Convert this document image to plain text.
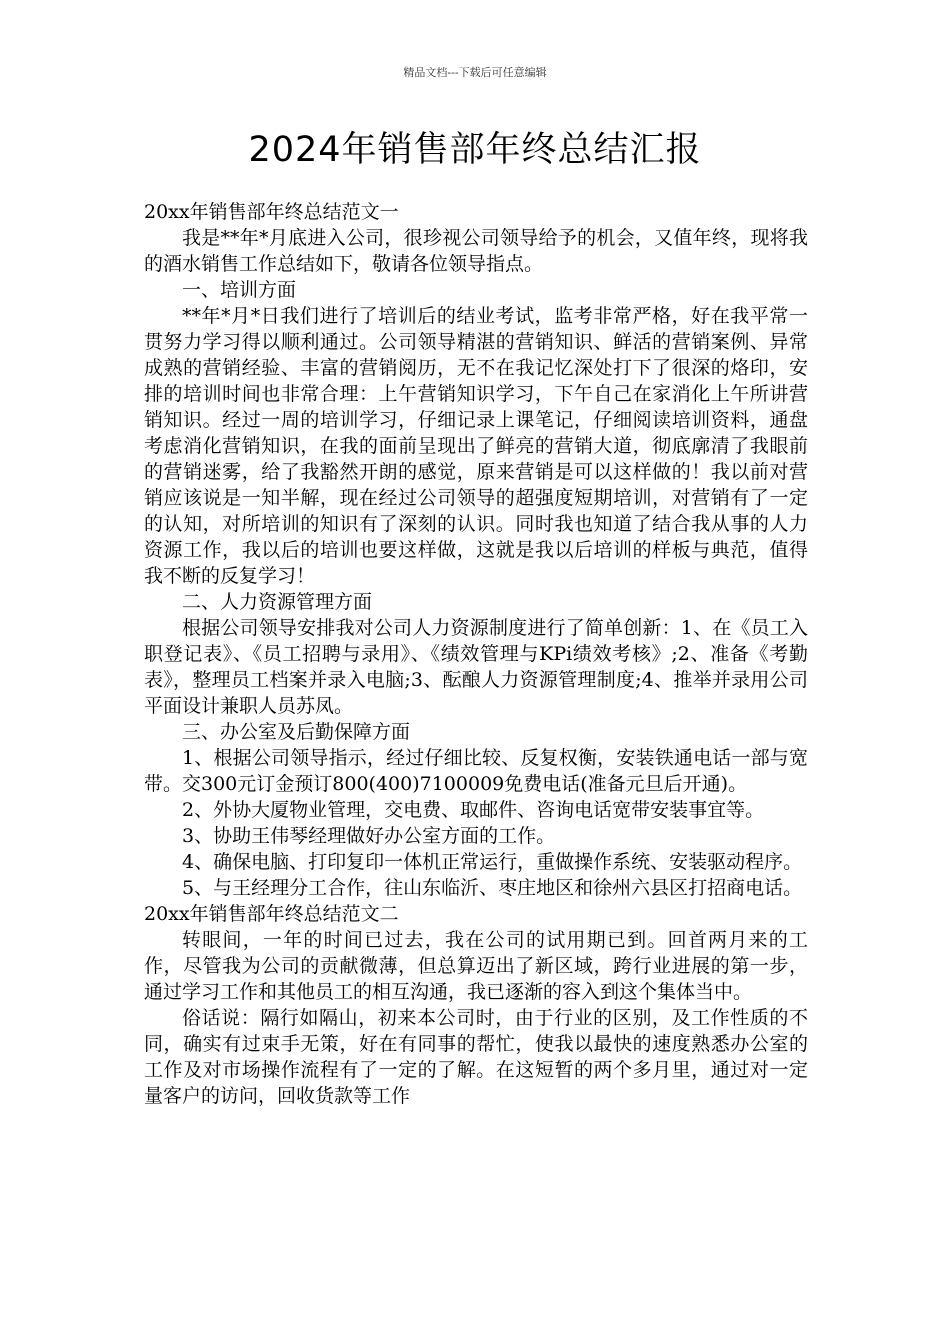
精品文档---下载后可任意编辑
2024年销售部年终总结汇报

20xx年销售部年终总结范文一

我是**年*月底进入公司，很珍视公司领导给予的机会，又值年终，现将我的酒水销售工作总结如下，敬请各位领导指点。

一、培训方面

**年*月*日我们进行了培训后的结业考试，监考非常严格，好在我平常一贯努力学习得以顺利通过。公司领导精湛的营销知识、鲜活的营销案例、异常成熟的营销经验、丰富的营销阅历，无不在我记忆深处打下了很深的烙印，安排的培训时间也非常合理：上午营销知识学习，下午自己在家消化上午所讲营销知识。经过一周的培训学习，仔细记录上课笔记，仔细阅读培训资料，通盘考虑消化营销知识，在我的面前呈现出了鲜亮的营销大道，彻底廓清了我眼前的营销迷雾，给了我豁然开朗的感觉，原来营销是可以这样做的！我以前对营销应该说是一知半解，现在经过公司领导的超强度短期培训，对营销有了一定的认知，对所培训的知识有了深刻的认识。同时我也知道了结合我从事的人力资源工作，我以后的培训也要这样做，这就是我以后培训的样板与典范，值得我不断的反复学习！

二、人力资源管理方面

根据公司领导安排我对公司人力资源制度进行了简单创新：1、在《员工入职登记表》、《员工招聘与录用》、《绩效管理与KPi绩效考核》;2、准备《考勤表》，整理员工档案并录入电脑;3、酝酿人力资源管理制度;4、推举并录用公司平面设计兼职人员苏凤。

三、办公室及后勤保障方面

1、根据公司领导指示，经过仔细比较、反复权衡，安装铁通电话一部与宽带。交300元订金预订800(400)7100009免费电话(准备元旦后开通)。

2、外协大厦物业管理，交电费、取邮件、咨询电话宽带安装事宜等。

3、协助王伟琴经理做好办公室方面的工作。

4、确保电脑、打印复印一体机正常运行，重做操作系统、安装驱动程序。

5、与王经理分工合作，往山东临沂、枣庄地区和徐州六县区打招商电话。

20xx年销售部年终总结范文二

转眼间，一年的时间已过去，我在公司的试用期已到。回首两月来的工作，尽管我为公司的贡献微薄，但总算迈出了新区域，跨行业进展的第一步，通过学习工作和其他员工的相互沟通，我已逐渐的容入到这个集体当中。

俗话说：隔行如隔山，初来本公司时，由于行业的区别，及工作性质的不同，确实有过束手无策，好在有同事的帮忙，使我以最快的速度熟悉办公室的工作及对市场操作流程有了一定的了解。在这短暂的两个多月里，通过对一定量客户的访问，回收货款等工作
